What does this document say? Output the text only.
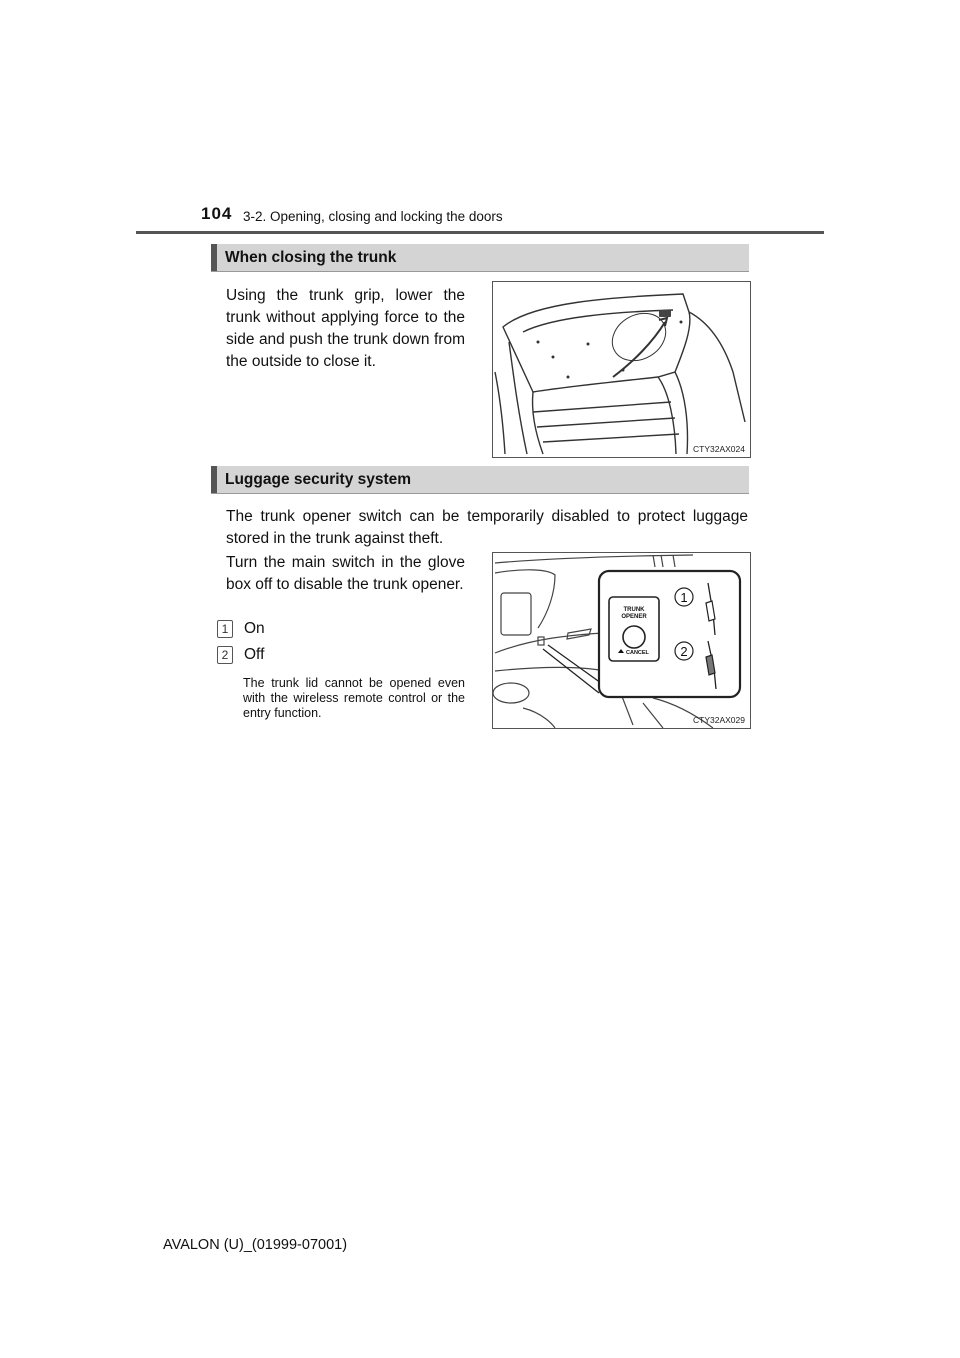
104 3-2. Opening, closing and locking the doors
When closing the trunk
Using the trunk grip, lower the trunk without applying force to the side and push the trunk down from the outside to close it.
CTY32AX024
Luggage security system
The trunk opener switch can be temporarily disabled to protect luggage stored in the trunk against theft.
Turn the main switch in the glove box off to disable the trunk opener.
1	On
2	Off
The trunk lid cannot be opened even with the wireless remote control or the entry function.
TRUNK
OPENER
CANCEL
1
2
CTY32AX029
AVALON (U)_(01999-07001)
